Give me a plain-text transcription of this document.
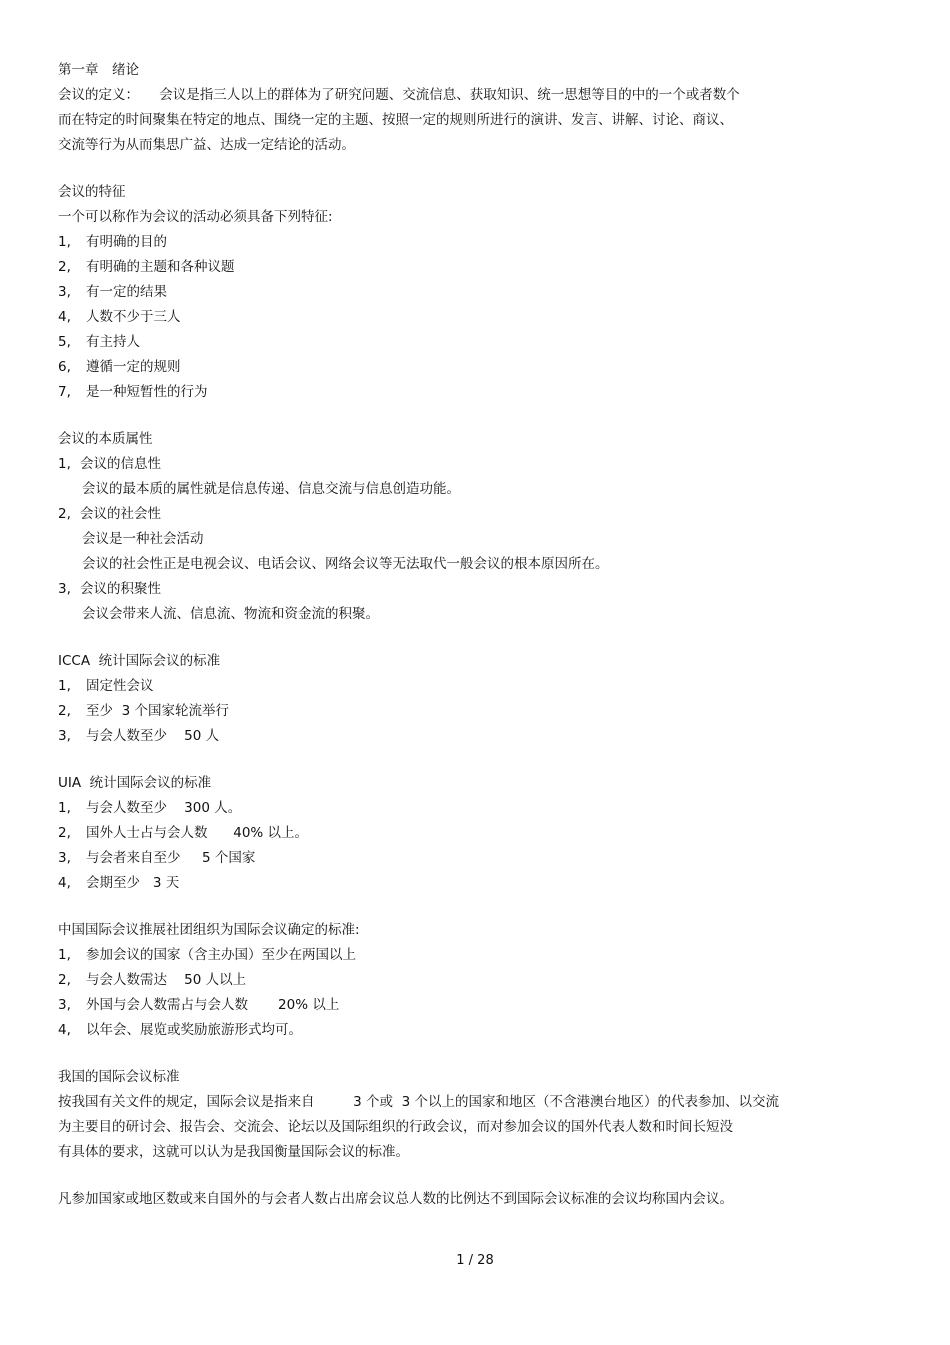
第一章　绪论
会议的定义：　　会议是指三人以上的群体为了研究问题、交流信息、获取知识、统一思想等目的中的一个或者数个
而在特定的时间聚集在特定的地点、围绕一定的主题、按照一定的规则所进行的演讲、发言、讲解、讨论、商议、
交流等行为从而集思广益、达成一定结论的活动。
会议的特征
一个可以称作为会议的活动必须具备下列特征:
1,	有明确的目的
2,	有明确的主题和各种议题
3,	有一定的结果
4,	人数不少于三人
5,	有主持人
6,	遵循一定的规则
7,	是一种短暂性的行为
会议的本质属性
1, 会议的信息性
会议的最本质的属性就是信息传递、信息交流与信息创造功能。
2, 会议的社会性
会议是一种社会活动
会议的社会性正是电视会议、电话会议、网络会议等无法取代一般会议的根本原因所在。
3, 会议的积聚性
会议会带来人流、信息流、物流和资金流的积聚。
ICCA  统计国际会议的标准
1,	固定性会议
2,	至少  3 个国家轮流举行
3,	与会人数至少    50 人
UIA  统计国际会议的标准
1,	与会人数至少    300 人。
2,	国外人士占与会人数      40% 以上。
3,	与会者来自至少     5 个国家
4,	会期至少   3 天
中国国际会议推展社团组织为国际会议确定的标准:
1,	参加会议的国家（含主办国）至少在两国以上
2,	与会人数需达    50 人以上
3,	外国与会人数需占与会人数       20% 以上
4,	以年会、展览或奖励旅游形式均可。
我国的国际会议标准
按我国有关文件的规定，国际会议是指来自         3 个或  3 个以上的国家和地区（不含港澳台地区）的代表参加、以交流
为主要目的研讨会、报告会、交流会、论坛以及国际组织的行政会议，而对参加会议的国外代表人数和时间长短没
有具体的要求，这就可以认为是我国衡量国际会议的标准。
凡参加国家或地区数或来自国外的与会者人数占出席会议总人数的比例达不到国际会议标准的会议均称国内会议。
1 / 28
